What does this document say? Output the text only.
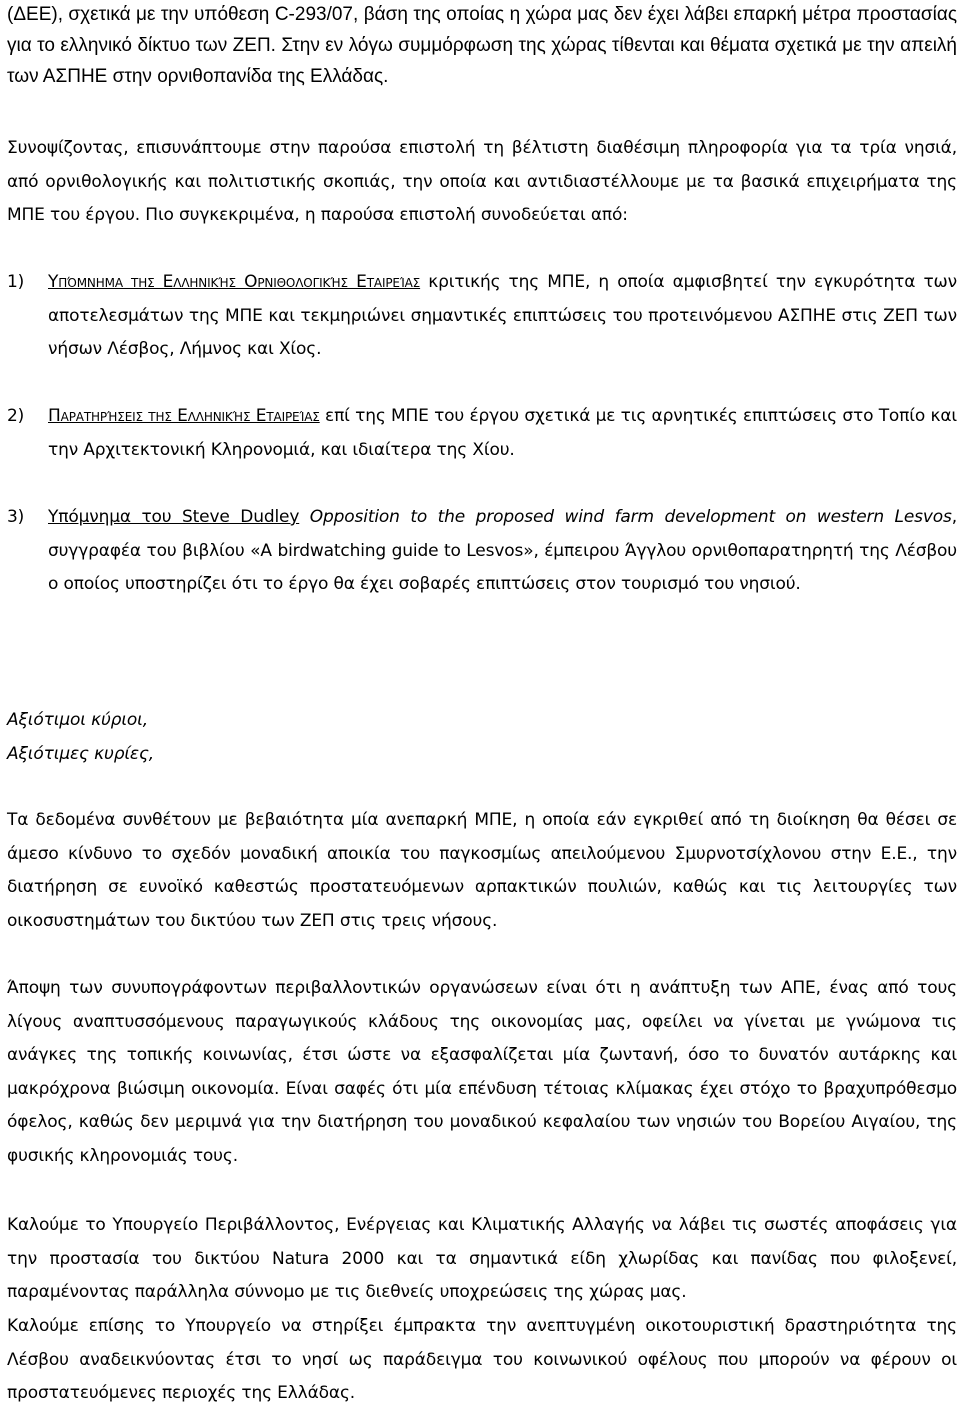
(ΔΕΕ), σχετικά με την υπόθεση C-293/07, βάση της οποίας η χώρα μας δεν έχει λάβει επαρκή μέτρα προστασίας για το ελληνικό δίκτυο των ΖΕΠ. Στην εν λόγω συμμόρφωση της χώρας τίθενται και θέματα σχετικά με την απειλή των ΑΣΠΗΕ στην ορνιθοπανίδα της Ελλάδας.

Συνοψίζοντας, επισυνάπτουμε στην παρούσα επιστολή τη βέλτιστη διαθέσιμη πληροφορία για τα τρία νησιά, από ορνιθολογικής και πολιτιστικής σκοπιάς, την οποία και αντιδιαστέλλουμε με τα βασικά επιχειρήματα της ΜΠΕ του έργου. Πιο συγκεκριμένα, η παρούσα επιστολή συνοδεύεται από:

1) Υπόμνημα της Ελληνικής Ορνιθολογικής Εταιρείας κριτικής της ΜΠΕ, η οποία αμφισβητεί την εγκυρότητα των αποτελεσμάτων της ΜΠΕ και τεκμηριώνει σημαντικές επιπτώσεις του προτεινόμενου ΑΣΠΗΕ στις ΖΕΠ των νήσων Λέσβος, Λήμνος και Χίος.

2) Παρατηρήσεις της Ελληνικής Εταιρείας επί της ΜΠΕ του έργου σχετικά με τις αρνητικές επιπτώσεις στο Τοπίο και την Αρχιτεκτονική Κληρονομιά, και ιδιαίτερα της Χίου.

3) Υπόμνημα του Steve Dudley Opposition to the proposed wind farm development on western Lesvos, συγγραφέα του βιβλίου «A birdwatching guide to Lesvos», έμπειρου Άγγλου ορνιθοπαρατηρητή της Λέσβου ο οποίος υποστηρίζει ότι το έργο θα έχει σοβαρές επιπτώσεις στον τουρισμό του νησιού.

Αξιότιμοι κύριοι,
Αξιότιμες κυρίες,

Τα δεδομένα συνθέτουν με βεβαιότητα μία ανεπαρκή ΜΠΕ, η οποία εάν εγκριθεί από τη διοίκηση θα θέσει σε άμεσο κίνδυνο το σχεδόν μοναδική αποικία του παγκοσμίως απειλούμενου Σμυρνοτσίχλονου στην Ε.Ε., την διατήρηση σε ευνοϊκό καθεστώς προστατευόμενων αρπακτικών πουλιών, καθώς και τις λειτουργίες των οικοσυστημάτων του δικτύου των ΖΕΠ στις τρεις νήσους.

Άποψη των συνυπογράφοντων περιβαλλοντικών οργανώσεων είναι ότι η ανάπτυξη των ΑΠΕ, ένας από τους λίγους αναπτυσσόμενους παραγωγικούς κλάδους της οικονομίας μας, οφείλει να γίνεται με γνώμονα τις ανάγκες της τοπικής κοινωνίας, έτσι ώστε να εξασφαλίζεται μία ζωντανή, όσο το δυνατόν αυτάρκης και μακρόχρονα βιώσιμη οικονομία. Είναι σαφές ότι μία επένδυση τέτοιας κλίμακας έχει στόχο το βραχυπρόθεσμο όφελος, καθώς δεν μεριμνά για την διατήρηση του μοναδικού κεφαλαίου των νησιών του Βορείου Αιγαίου, της φυσικής κληρονομιάς τους.

Καλούμε το Υπουργείο Περιβάλλοντος, Ενέργειας και Κλιματικής Αλλαγής να λάβει τις σωστές αποφάσεις για την προστασία του δικτύου Natura 2000 και τα σημαντικά είδη χλωρίδας και πανίδας που φιλοξενεί, παραμένοντας παράλληλα σύννομο με τις διεθνείς υποχρεώσεις της χώρας μας.

Καλούμε επίσης το Υπουργείο να στηρίξει έμπρακτα την ανεπτυγμένη οικοτουριστική δραστηριότητα της Λέσβου αναδεικνύοντας έτσι το νησί ως παράδειγμα του κοινωνικού οφέλους που μπορούν να φέρουν οι προστατευόμενες περιοχές της Ελλάδας.
